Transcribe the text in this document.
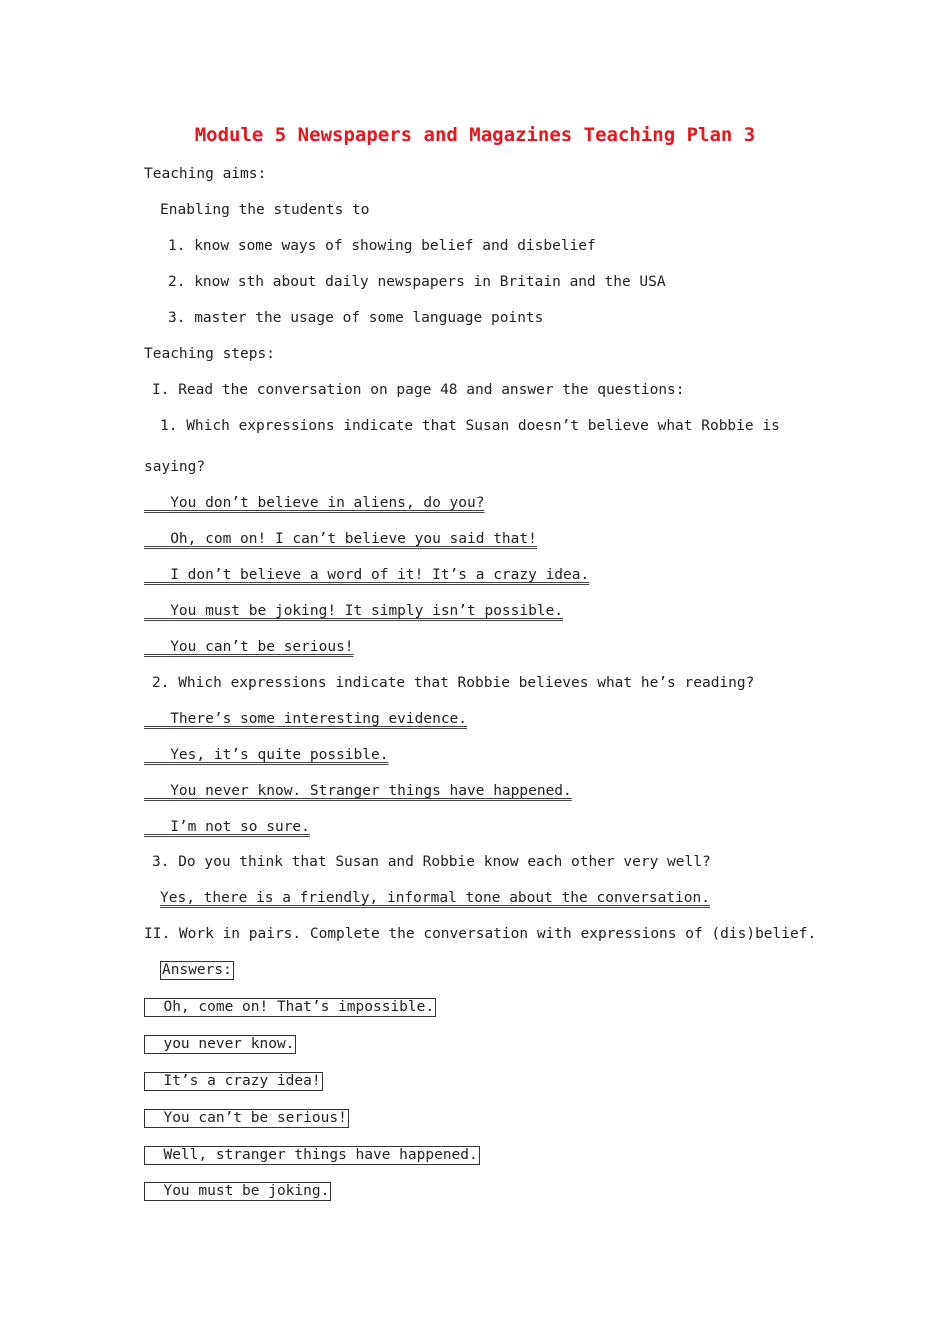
Module 5 Newspapers and Magazines Teaching Plan 3
Teaching aims:
Enabling the students to
1. know some ways of showing belief and disbelief
2. know sth about daily newspapers in Britain and the USA
3. master the usage of some language points
Teaching steps:
I. Read the conversation on page 48 and answer the questions:
1. Which expressions indicate that Susan doesn’t believe what Robbie is
saying?
You don’t believe in aliens, do you?
Oh, com on! I can’t believe you said that!
I don’t believe a word of it! It’s a crazy idea.
You must be joking! It simply isn’t possible.
You can’t be serious!
2. Which expressions indicate that Robbie believes what he’s reading?
There’s some interesting evidence.
Yes, it’s quite possible.
You never know. Stranger things have happened.
I’m not so sure.
3. Do you think that Susan and Robbie know each other very well?
Yes, there is a friendly, informal tone about the conversation.
II. Work in pairs. Complete the conversation with expressions of (dis)belief.
Answers:
Oh, come on! That’s impossible.
you never know.
It’s a crazy idea!
You can’t be serious!
Well, stranger things have happened.
You must be joking.
